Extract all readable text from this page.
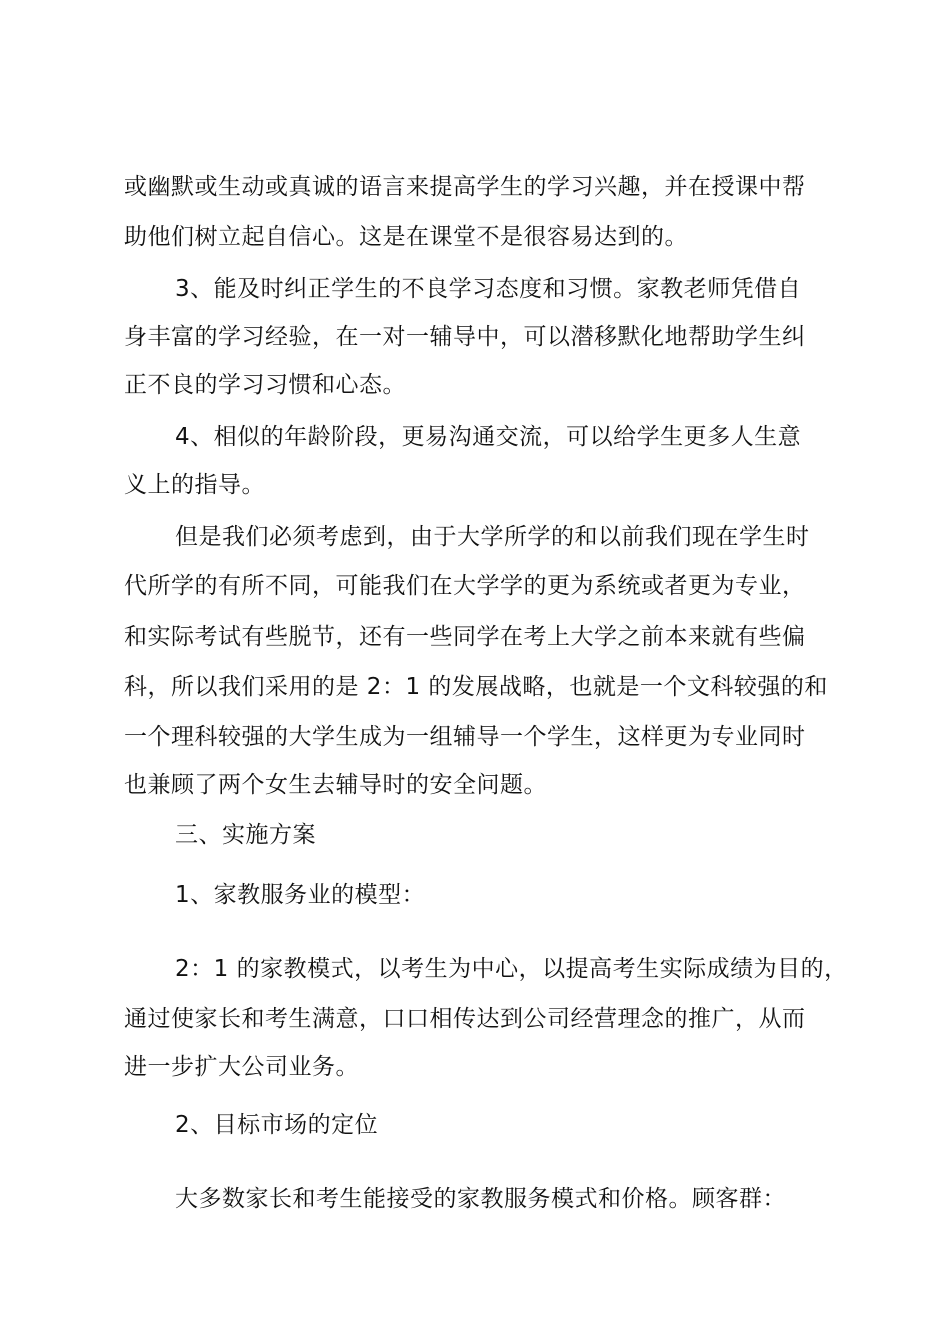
或幽默或生动或真诚的语言来提高学生的学习兴趣，并在授课中帮
助他们树立起自信心。这是在课堂不是很容易达到的。
3、能及时纠正学生的不良学习态度和习惯。家教老师凭借自
身丰富的学习经验，在一对一辅导中，可以潜移默化地帮助学生纠
正不良的学习习惯和心态。
4、相似的年龄阶段，更易沟通交流，可以给学生更多人生意
义上的指导。
但是我们必须考虑到，由于大学所学的和以前我们现在学生时
代所学的有所不同，可能我们在大学学的更为系统或者更为专业，
和实际考试有些脱节，还有一些同学在考上大学之前本来就有些偏
科，所以我们采用的是 2：1 的发展战略，也就是一个文科较强的和
一个理科较强的大学生成为一组辅导一个学生，这样更为专业同时
也兼顾了两个女生去辅导时的安全问题。
三、实施方案
1、家教服务业的模型：
2：1 的家教模式，以考生为中心，以提高考生实际成绩为目的，
通过使家长和考生满意，口口相传达到公司经营理念的推广，从而
进一步扩大公司业务。
2、目标市场的定位
大多数家长和考生能接受的家教服务模式和价格。顾客群：
